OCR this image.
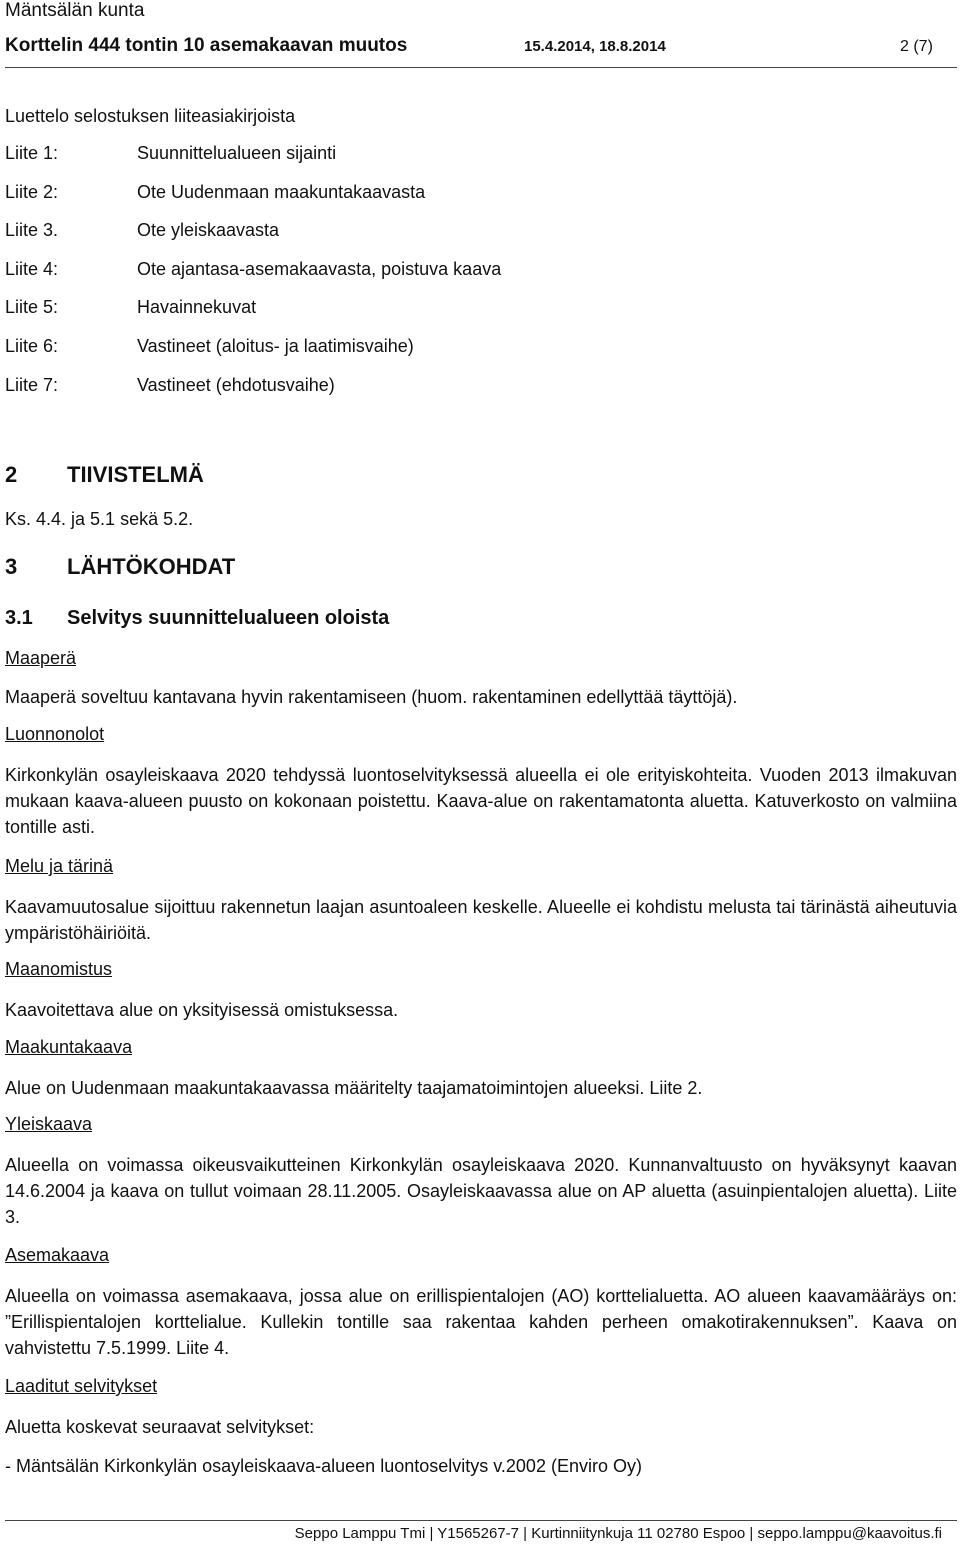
Mäntsälän kunta
Korttelin 444 tontin 10 asemakaavan muutos	15.4.2014, 18.8.2014	2 (7)
Luettelo selostuksen liiteasiakirjoista
Liite 1:	Suunnittelualueen sijainti
Liite 2:	Ote Uudenmaan maakuntakaavasta
Liite 3.	Ote yleiskaavasta
Liite 4:	Ote ajantasa-asemakaavasta, poistuva kaava
Liite 5:	Havainnekuvat
Liite 6:	Vastineet (aloitus- ja laatimisvaihe)
Liite 7:	Vastineet (ehdotusvaihe)
2 TIIVISTELMÄ
Ks. 4.4. ja 5.1 sekä 5.2.
3 LÄHTÖKOHDAT
3.1 Selvitys suunnittelualueen oloista
Maaperä
Maaperä soveltuu kantavana hyvin rakentamiseen (huom. rakentaminen edellyttää täyttöjä).
Luonnonolot
Kirkonkylän osayleiskaava 2020 tehdyssä luontoselvityksessä alueella ei ole erityiskohteita. Vuoden 2013 ilmakuvan mukaan kaava-alueen puusto on kokonaan poistettu. Kaava-alue on rakentamatonta aluetta. Katuverkosto on valmiina tontille asti.
Melu ja tärinä
Kaavamuutosalue sijoittuu rakennetun laajan asuntoaleen keskelle. Alueelle ei kohdistu melusta tai tärinästä aiheutuvia ympäristöhäiriöitä.
Maanomistus
Kaavoitettava alue on yksityisessä omistuksessa.
Maakuntakaava
Alue on Uudenmaan maakuntakaavassa määritelty taajamatoimintojen alueeksi. Liite 2.
Yleiskaava
Alueella on voimassa oikeusvaikutteinen Kirkonkylän osayleiskaava 2020. Kunnanvaltuusto on hyväksynyt kaavan 14.6.2004 ja kaava on tullut voimaan 28.11.2005. Osayleiskaavassa alue on AP aluetta (asuinpientalojen aluetta). Liite 3.
Asemakaava
Alueella on voimassa asemakaava, jossa alue on erillispientalojen (AO) korttelialuetta. AO alueen kaavamääräys on: ”Erillispientalojen korttelialue. Kullekin tontille saa rakentaa kahden perheen omakotirakennuksen”. Kaava on vahvistettu 7.5.1999. Liite 4.
Laaditut selvitykset
Aluetta koskevat seuraavat selvitykset:
- Mäntsälän Kirkonkylän osayleiskaava-alueen luontoselvitys v.2002 (Enviro Oy)
Seppo Lamppu Tmi | Y1565267-7 | Kurtinniitynkuja 11 02780 Espoo | seppo.lamppu@kaavoitus.fi
